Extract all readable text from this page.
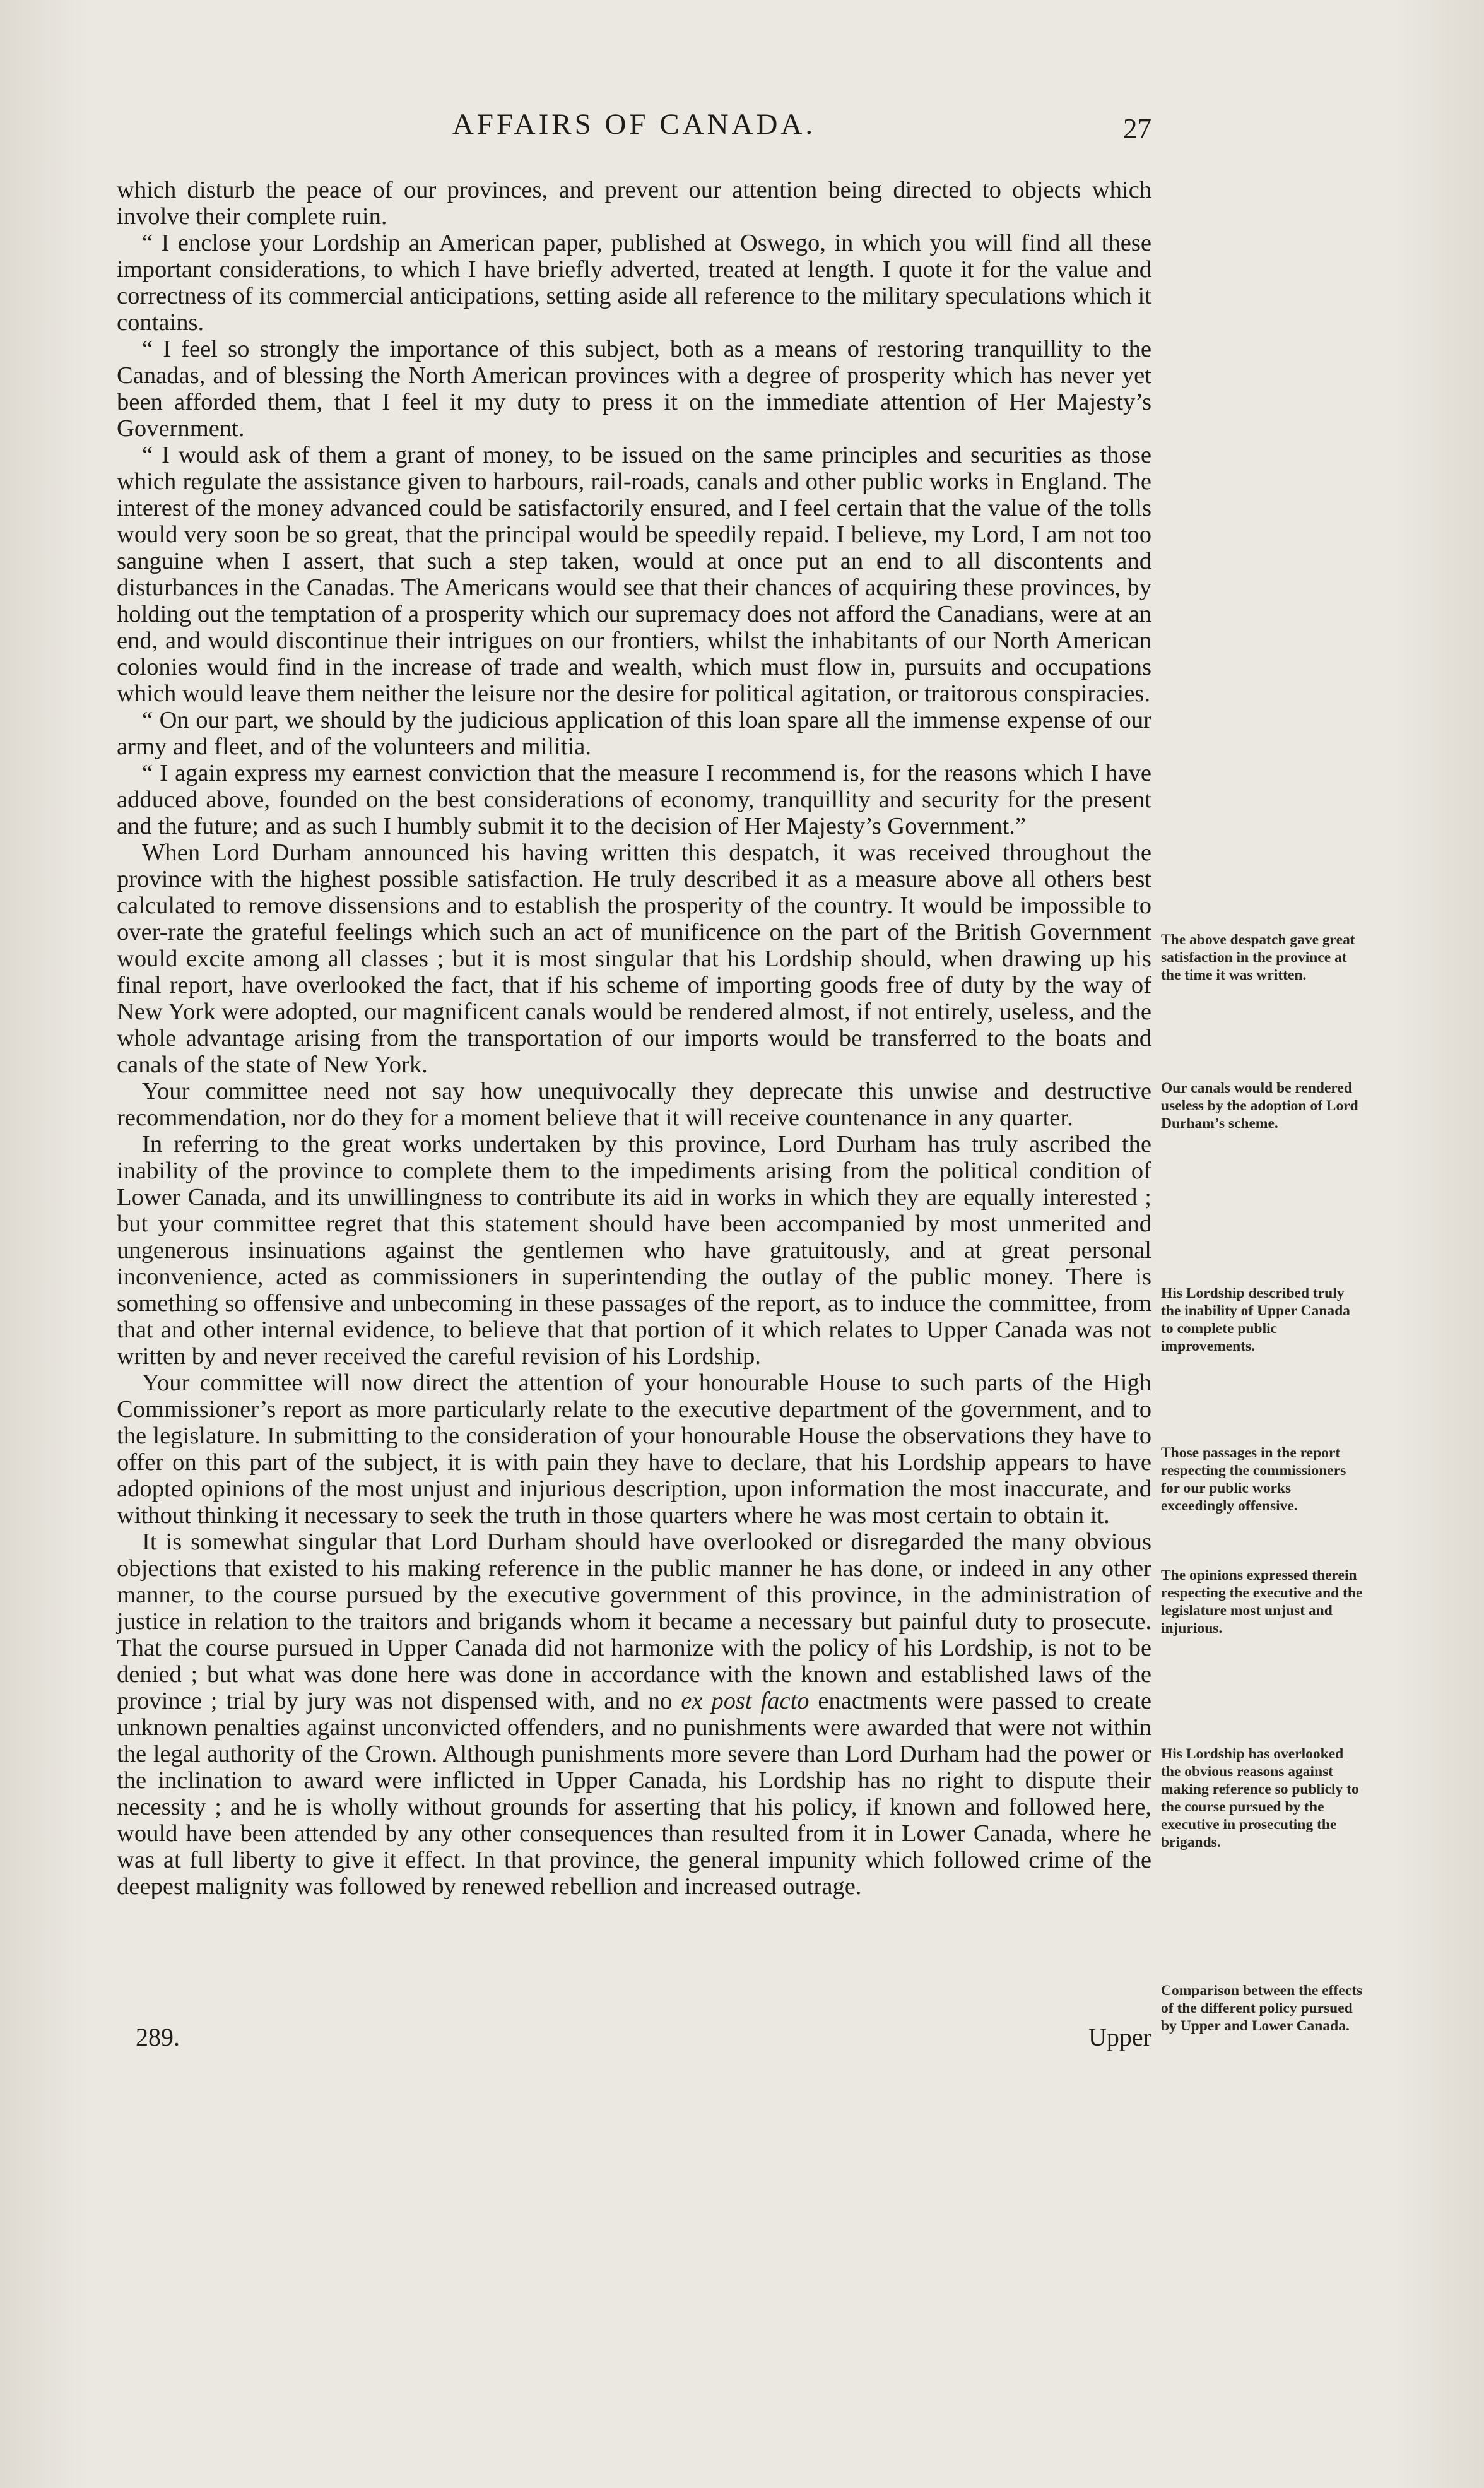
AFFAIRS OF CANADA.	27

which disturb the peace of our provinces, and prevent our attention being directed to objects which involve their complete ruin.

“ I enclose your Lordship an American paper, published at Oswego, in which you will find all these important considerations, to which I have briefly adverted, treated at length. I quote it for the value and correctness of its commercial anticipations, setting aside all reference to the military speculations which it contains.

“ I feel so strongly the importance of this subject, both as a means of restoring tranquillity to the Canadas, and of blessing the North American provinces with a degree of prosperity which has never yet been afforded them, that I feel it my duty to press it on the immediate attention of Her Majesty’s Government.

“ I would ask of them a grant of money, to be issued on the same principles and securities as those which regulate the assistance given to harbours, rail-roads, canals and other public works in England. The interest of the money advanced could be satisfactorily ensured, and I feel certain that the value of the tolls would very soon be so great, that the principal would be speedily repaid. I believe, my Lord, I am not too sanguine when I assert, that such a step taken, would at once put an end to all discontents and disturbances in the Canadas. The Americans would see that their chances of acquiring these provinces, by holding out the temptation of a prosperity which our supremacy does not afford the Canadians, were at an end, and would discontinue their intrigues on our frontiers, whilst the inhabitants of our North American colonies would find in the increase of trade and wealth, which must flow in, pursuits and occupations which would leave them neither the leisure nor the desire for political agitation, or traitorous conspiracies.

“ On our part, we should by the judicious application of this loan spare all the immense expense of our army and fleet, and of the volunteers and militia.

“ I again express my earnest conviction that the measure I recommend is, for the reasons which I have adduced above, founded on the best considerations of economy, tranquillity and security for the present and the future; and as such I humbly submit it to the decision of Her Majesty’s Government.”

When Lord Durham announced his having written this despatch, it was received throughout the province with the highest possible satisfaction. He truly described it as a measure above all others best calculated to remove dissensions and to establish the prosperity of the country. It would be impossible to over-rate the grateful feelings which such an act of munificence on the part of the British Government would excite among all classes ; but it is most singular that his Lordship should, when drawing up his final report, have overlooked the fact, that if his scheme of importing goods free of duty by the way of New York were adopted, our magnificent canals would be rendered almost, if not entirely, useless, and the whole advantage arising from the transportation of our imports would be transferred to the boats and canals of the state of New York.

Your committee need not say how unequivocally they deprecate this unwise and destructive recommendation, nor do they for a moment believe that it will receive countenance in any quarter.

In referring to the great works undertaken by this province, Lord Durham has truly ascribed the inability of the province to complete them to the impediments arising from the political condition of Lower Canada, and its unwillingness to contribute its aid in works in which they are equally interested ; but your committee regret that this statement should have been accompanied by most unmerited and ungenerous insinuations against the gentlemen who have gratuitously, and at great personal inconvenience, acted as commissioners in superintending the outlay of the public money. There is something so offensive and unbecoming in these passages of the report, as to induce the committee, from that and other internal evidence, to believe that that portion of it which relates to Upper Canada was not written by and never received the careful revision of his Lordship.

Your committee will now direct the attention of your honourable House to such parts of the High Commissioner’s report as more particularly relate to the executive department of the government, and to the legislature. In submitting to the consideration of your honourable House the observations they have to offer on this part of the subject, it is with pain they have to declare, that his Lordship appears to have adopted opinions of the most unjust and injurious description, upon information the most inaccurate, and without thinking it necessary to seek the truth in those quarters where he was most certain to obtain it.

It is somewhat singular that Lord Durham should have overlooked or disregarded the many obvious objections that existed to his making reference in the public manner he has done, or indeed in any other manner, to the course pursued by the executive government of this province, in the administration of justice in relation to the traitors and brigands whom it became a necessary but painful duty to prosecute. That the course pursued in Upper Canada did not harmonize with the policy of his Lordship, is not to be denied ; but what was done here was done in accordance with the known and established laws of the province ; trial by jury was not dispensed with, and no ex post facto enactments were passed to create unknown penalties against unconvicted offenders, and no punishments were awarded that were not within the legal authority of the Crown. Although punishments more severe than Lord Durham had the power or the inclination to award were inflicted in Upper Canada, his Lordship has no right to dispute their necessity ; and he is wholly without grounds for asserting that his policy, if known and followed here, would have been attended by any other consequences than resulted from it in Lower Canada, where he was at full liberty to give it effect. In that province, the general impunity which followed crime of the deepest malignity was followed by renewed rebellion and increased outrage.

289.	Upper
The above despatch gave great satisfaction in the province at the time it was written.
Our canals would be rendered useless by the adoption of Lord Durham’s scheme.
His Lordship described truly the inability of Upper Canada to complete public improvements.
Those passages in the report respecting the commissioners for our public works exceedingly offensive.
The opinions expressed therein respecting the executive and the legislature most unjust and injurious.
His Lordship has overlooked the obvious reasons against making reference so publicly to the course pursued by the executive in prosecuting the brigands.
Comparison between the effects of the different policy pursued by Upper and Lower Canada.
